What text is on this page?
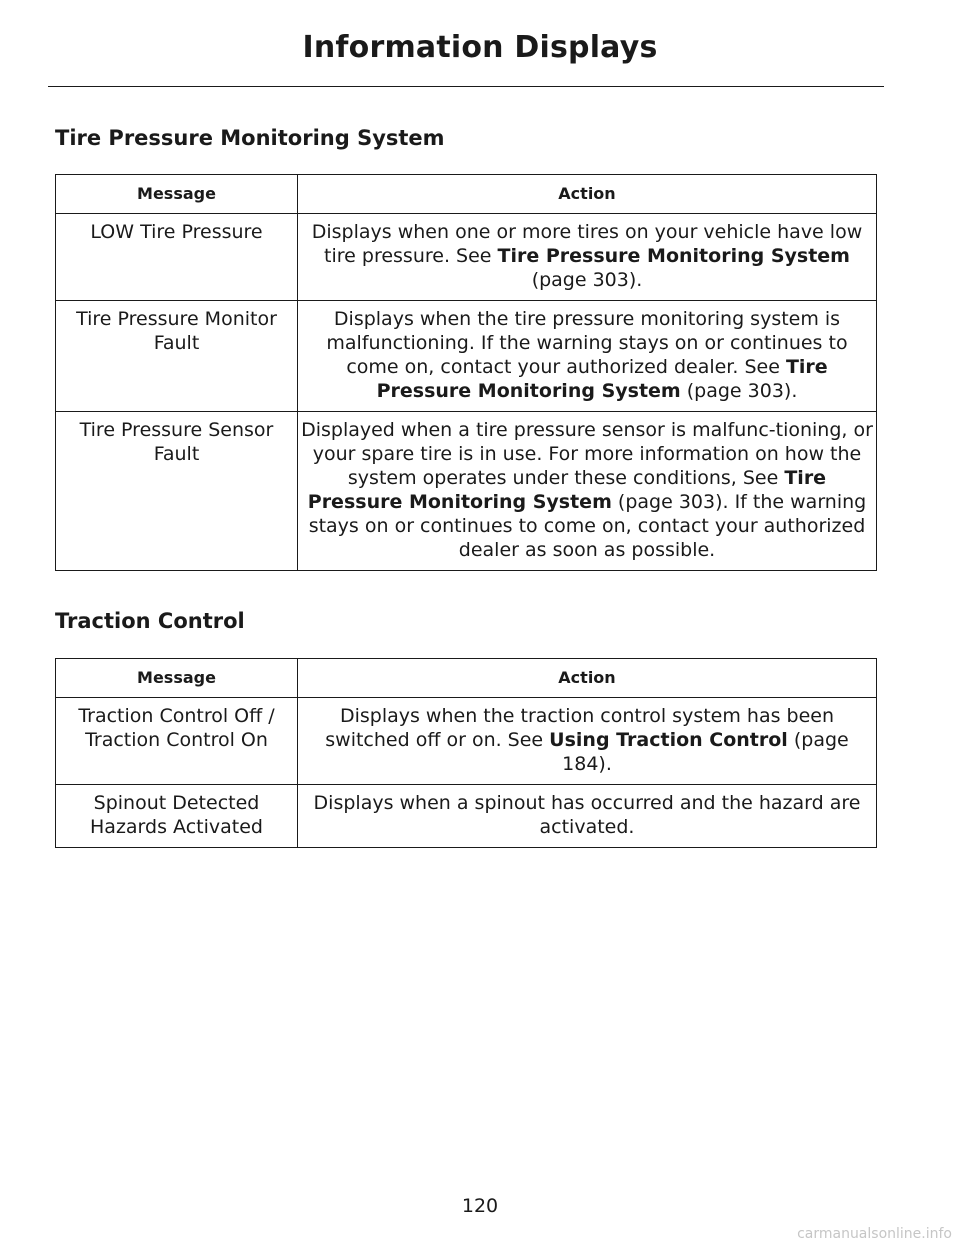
Information Displays
Tire Pressure Monitoring System
Message	Action
LOW Tire Pressure	Displays when one or more tires on your vehicle have low tire pressure. See Tire Pressure Monitoring System (page 303).
Tire Pressure Monitor Fault	Displays when the tire pressure monitoring system is malfunctioning. If the warning stays on or continues to come on, contact your authorized dealer. See Tire Pressure Monitoring System (page 303).
Tire Pressure Sensor Fault	Displayed when a tire pressure sensor is malfunc-tioning, or your spare tire is in use. For more information on how the system operates under these conditions, See Tire Pressure Monitoring System (page 303). If the warning stays on or continues to come on, contact your authorized dealer as soon as possible.
Traction Control
Message	Action
Traction Control Off / Traction Control On	Displays when the traction control system has been switched off or on. See Using Traction Control (page 184).
Spinout Detected Hazards Activated	Displays when a spinout has occurred and the hazard are activated.
120
carmanualsonline.info
